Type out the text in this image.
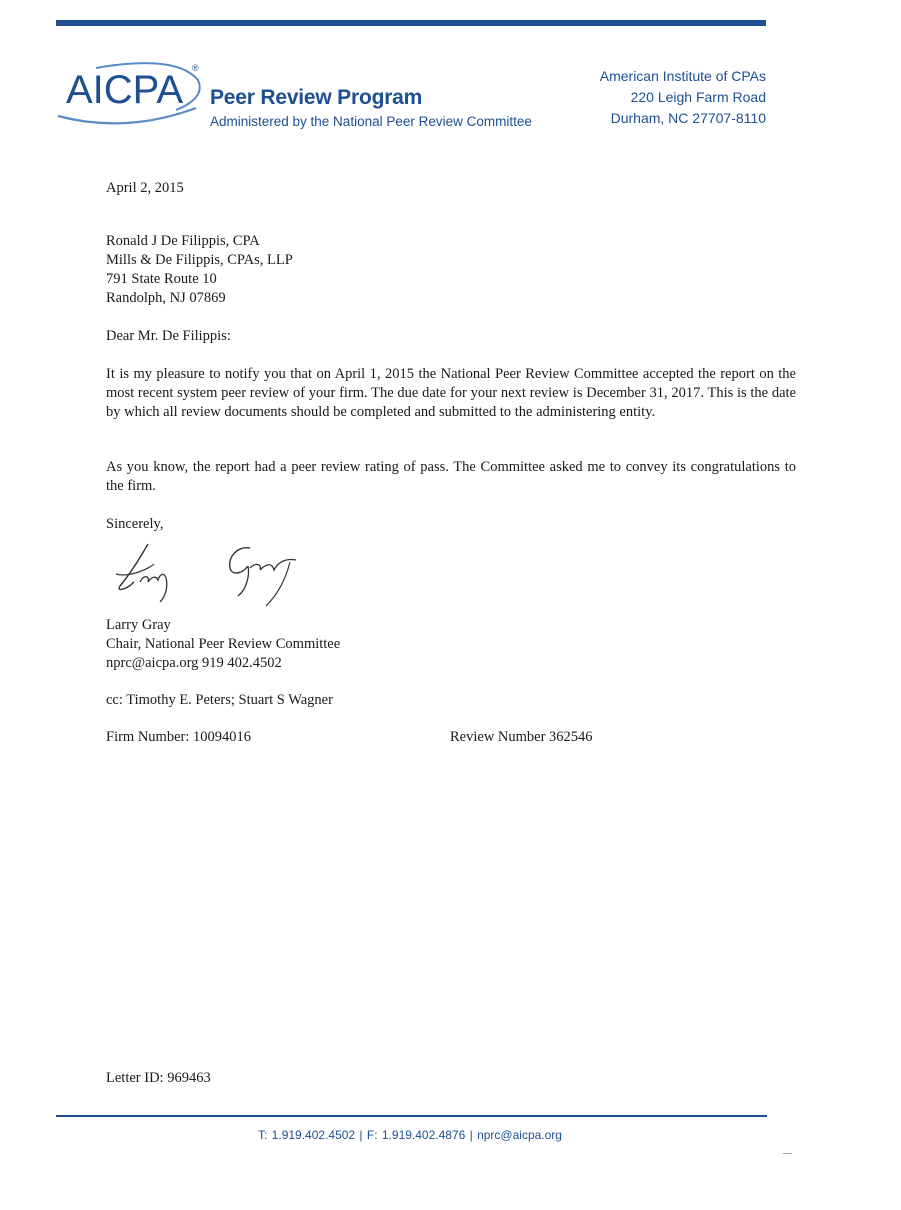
AICPA ®
Peer Review Program
Administered by the National Peer Review Committee
American Institute of CPAs
220 Leigh Farm Road
Durham, NC 27707-8110
April 2, 2015
Ronald J De Filippis, CPA
Mills & De Filippis, CPAs, LLP
791 State Route 10
Randolph, NJ 07869
Dear Mr. De Filippis:
It is my pleasure to notify you that on April 1, 2015 the National Peer Review Committee accepted the report on the most recent system peer review of your firm. The due date for your next review is December 31, 2017. This is the date by which all review documents should be completed and submitted to the administering entity.
As you know, the report had a peer review rating of pass. The Committee asked me to convey its congratulations to the firm.
Sincerely,
Larry Gray
Chair, National Peer Review Committee
nprc@aicpa.org 919 402.4502
cc: Timothy E. Peters; Stuart S Wagner
Firm Number: 10094016	Review Number 362546
Letter ID: 969463
T: 1.919.402.4502 | F: 1.919.402.4876 | nprc@aicpa.org
